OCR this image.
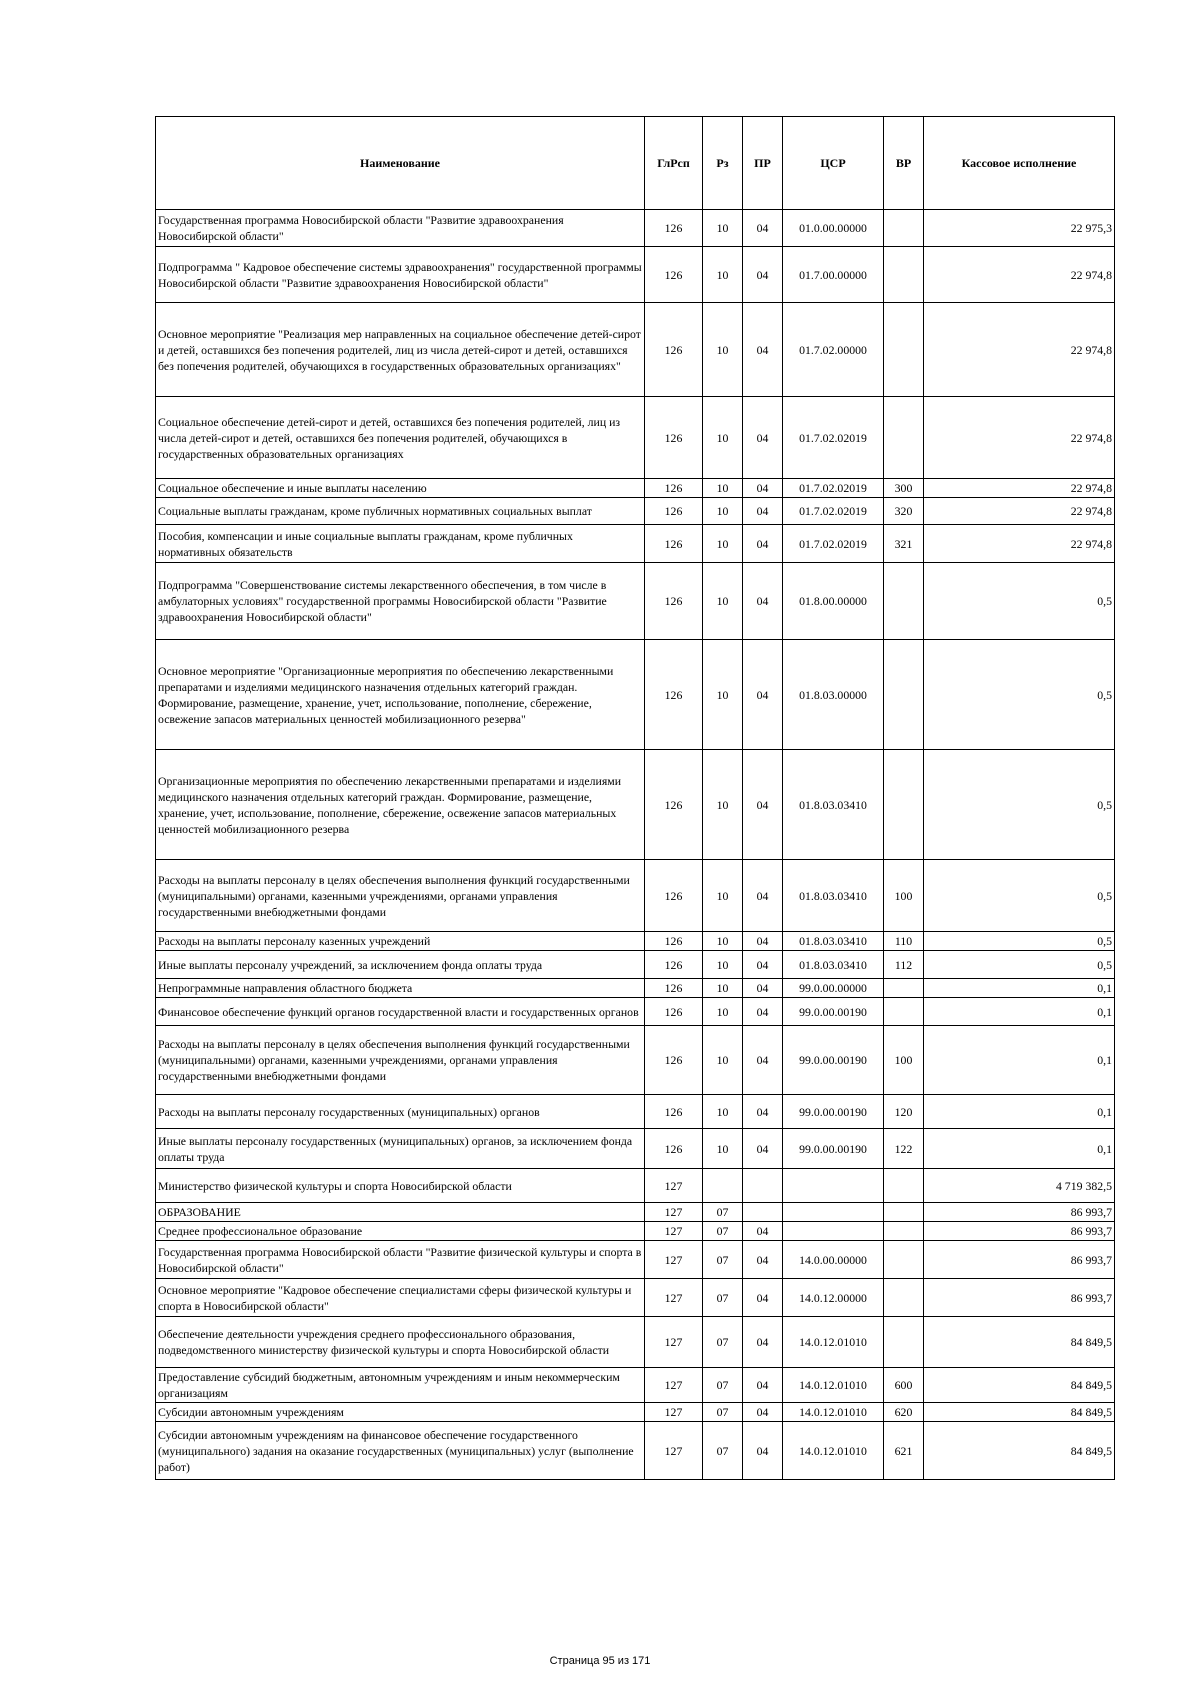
Наименование	ГлРсп	Рз	ПР	ЦСР	ВР	Кассовое исполнение
Государственная программа Новосибирской области "Развитие здравоохранения Новосибирской области"	126	10	04	01.0.00.00000		22 975,3
Подпрограмма " Кадровое обеспечение системы здравоохранения" государственной программы Новосибирской области "Развитие здравоохранения Новосибирской области"	126	10	04	01.7.00.00000		22 974,8
Основное мероприятие "Реализация мер направленных на социальное обеспечение детей-сирот и детей, оставшихся без попечения родителей, лиц из числа детей-сирот и детей, оставшихся без попечения родителей, обучающихся в государственных образовательных организациях"	126	10	04	01.7.02.00000		22 974,8
Социальное обеспечение детей-сирот и детей, оставшихся без попечения родителей, лиц из числа детей-сирот и детей, оставшихся без попечения родителей, обучающихся в государственных образовательных организациях	126	10	04	01.7.02.02019		22 974,8
Социальное обеспечение и иные выплаты населению	126	10	04	01.7.02.02019	300	22 974,8
Социальные выплаты гражданам, кроме публичных нормативных социальных выплат	126	10	04	01.7.02.02019	320	22 974,8
Пособия, компенсации и иные социальные выплаты гражданам, кроме публичных нормативных обязательств	126	10	04	01.7.02.02019	321	22 974,8
Подпрограмма "Совершенствование системы лекарственного обеспечения, в том числе в амбулаторных условиях" государственной программы Новосибирской области "Развитие здравоохранения Новосибирской области"	126	10	04	01.8.00.00000		0,5
Основное мероприятие "Организационные мероприятия по обеспечению лекарственными препаратами и изделиями медицинского назначения отдельных категорий граждан. Формирование, размещение, хранение, учет, использование, пополнение, сбережение, освежение запасов материальных ценностей мобилизационного резерва"	126	10	04	01.8.03.00000		0,5
Организационные мероприятия по обеспечению лекарственными препаратами и изделиями медицинского назначения отдельных категорий граждан. Формирование, размещение, хранение, учет, использование, пополнение, сбережение, освежение запасов материальных ценностей мобилизационного резерва	126	10	04	01.8.03.03410		0,5
Расходы на выплаты персоналу в целях обеспечения выполнения функций государственными (муниципальными) органами, казенными учреждениями, органами управления государственными внебюджетными фондами	126	10	04	01.8.03.03410	100	0,5
Расходы на выплаты персоналу казенных учреждений	126	10	04	01.8.03.03410	110	0,5
Иные выплаты персоналу учреждений, за исключением фонда оплаты труда	126	10	04	01.8.03.03410	112	0,5
Непрограммные направления областного бюджета	126	10	04	99.0.00.00000		0,1
Финансовое обеспечение функций органов государственной власти и государственных органов	126	10	04	99.0.00.00190		0,1
Расходы на выплаты персоналу в целях обеспечения выполнения функций государственными (муниципальными) органами, казенными учреждениями, органами управления государственными внебюджетными фондами	126	10	04	99.0.00.00190	100	0,1
Расходы на выплаты персоналу государственных (муниципальных) органов	126	10	04	99.0.00.00190	120	0,1
Иные выплаты персоналу государственных (муниципальных) органов, за исключением фонда оплаты труда	126	10	04	99.0.00.00190	122	0,1
Министерство физической культуры и спорта Новосибирской области	127					4 719 382,5
ОБРАЗОВАНИЕ	127	07				86 993,7
Среднее профессиональное образование	127	07	04			86 993,7
Государственная программа Новосибирской области "Развитие физической культуры и спорта в Новосибирской области"	127	07	04	14.0.00.00000		86 993,7
Основное мероприятие "Кадровое обеспечение специалистами сферы физической культуры и спорта в Новосибирской области"	127	07	04	14.0.12.00000		86 993,7
Обеспечение деятельности учреждения среднего профессионального образования, подведомственного министерству физической культуры и спорта Новосибирской области	127	07	04	14.0.12.01010		84 849,5
Предоставление субсидий бюджетным, автономным учреждениям и иным некоммерческим организациям	127	07	04	14.0.12.01010	600	84 849,5
Субсидии автономным учреждениям	127	07	04	14.0.12.01010	620	84 849,5
Субсидии автономным учреждениям на финансовое обеспечение государственного (муниципального) задания на оказание государственных (муниципальных) услуг (выполнение работ)	127	07	04	14.0.12.01010	621	84 849,5
Страница 95 из 171
